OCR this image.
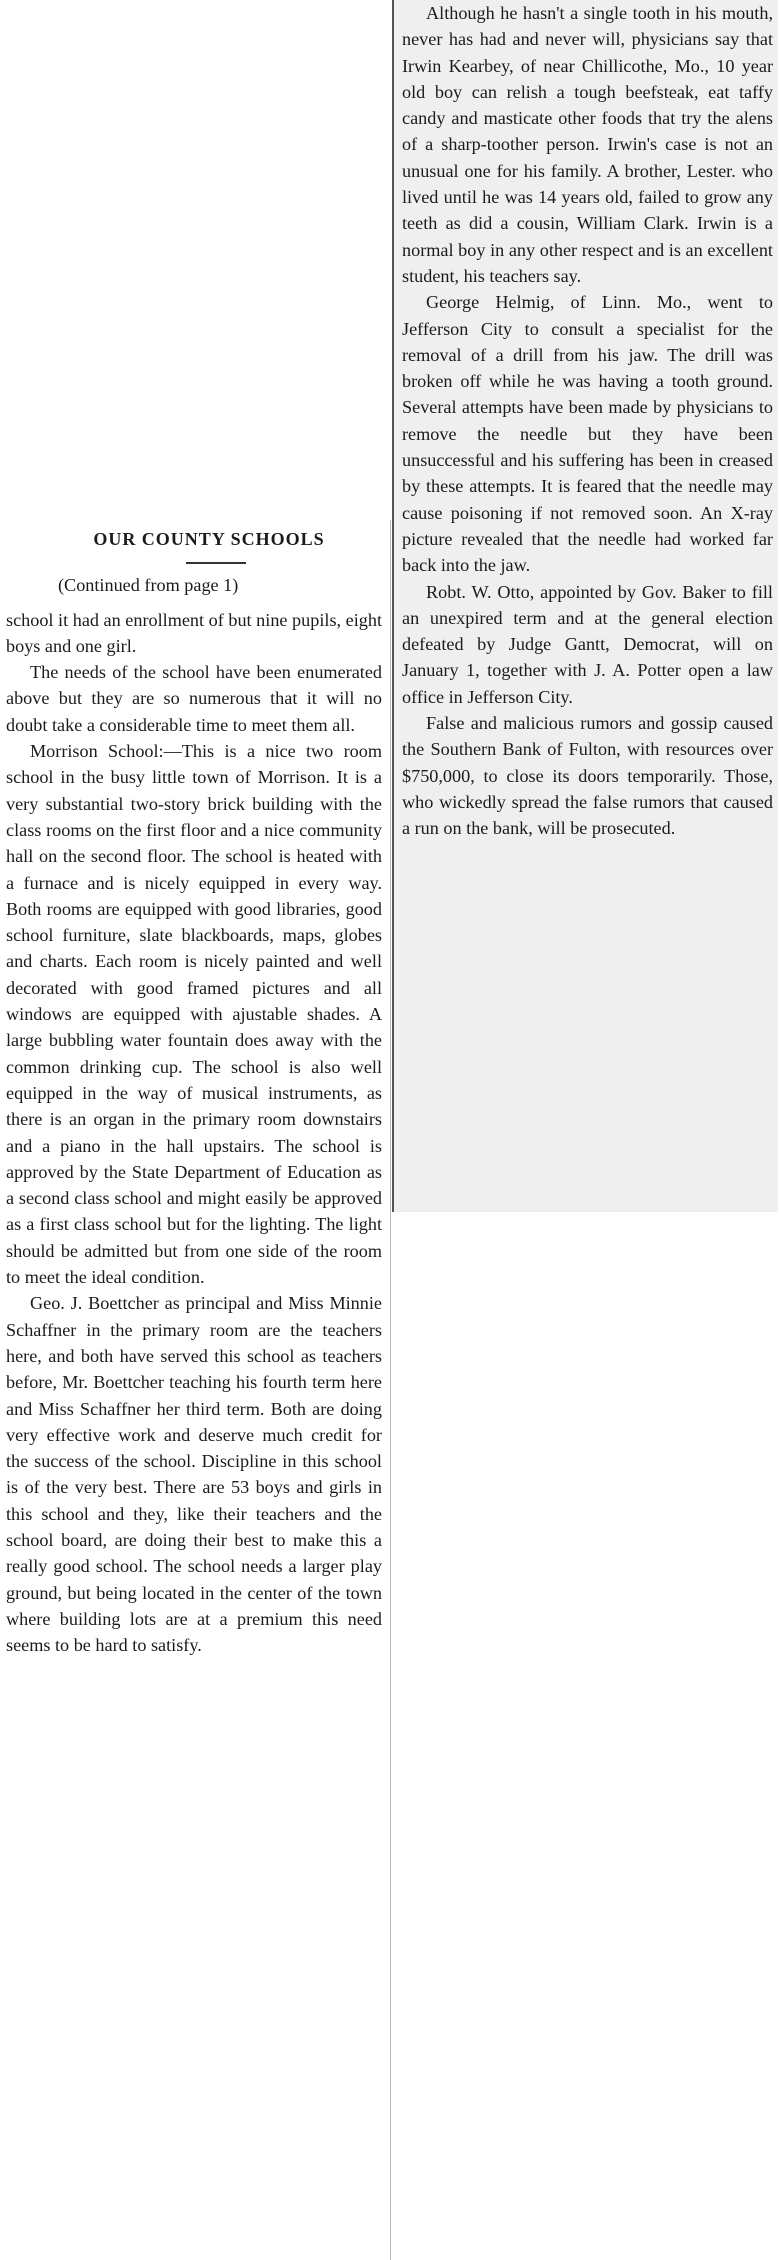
Although he hasn't a single tooth in his mouth, never has had and never will, physicians say that Irwin Kearbey, of near Chillicothe, Mo., 10 year old boy can relish a tough beefsteak, eat taffy candy and masticate other foods that try the alens of a sharp-toother person. Irwin's case is not an unusual one for his family. A brother, Lester. who lived until he was 14 years old, failed to grow any teeth as did a cousin, William Clark. Irwin is a normal boy in any other respect and is an excellent student, his teachers say.

George Helmig, of Linn. Mo., went to Jefferson City to consult a specialist for the removal of a drill from his jaw. The drill was broken off while he was having a tooth ground. Several attempts have been made by physicians to remove the needle but they have been unsuccessful and his suffering has been in creased by these attempts. It is feared that the needle may cause poisoning if not removed soon. An X-ray picture revealed that the needle had worked far back into the jaw.

Robt. W. Otto, appointed by Gov. Baker to fill an unexpired term and at the general election defeated by Judge Gantt, Democrat, will on January 1, together with J. A. Potter open a law office in Jefferson City.

False and malicious rumors and gossip caused the Southern Bank of Fulton, with resources over $750,000, to close its doors temporarily. Those, who wickedly spread the false rumors that caused a run on the bank, will be prosecuted.

OUR COUNTY SCHOOLS

(Continued from page 1)

school it had an enrollment of but nine pupils, eight boys and one girl.

The needs of the school have been enumerated above but they are so numerous that it will no doubt take a considerable time to meet them all.

Morrison School:—This is a nice two room school in the busy little town of Morrison. It is a very substantial two-story brick building with the class rooms on the first floor and a nice community hall on the second floor. The school is heated with a furnace and is nicely equipped in every way. Both rooms are equipped with good libraries, good school furniture, slate blackboards, maps, globes and charts. Each room is nicely painted and well decorated with good framed pictures and all windows are equipped with ajustable shades. A large bubbling water fountain does away with the common drinking cup. The school is also well equipped in the way of musical instruments, as there is an organ in the primary room downstairs and a piano in the hall upstairs. The school is approved by the State Department of Education as a second class school and might easily be approved as a first class school but for the lighting. The light should be admitted but from one side of the room to meet the ideal condition.

Geo. J. Boettcher as principal and Miss Minnie Schaffner in the primary room are the teachers here, and both have served this school as teachers before, Mr. Boettcher teaching his fourth term here and Miss Schaffner her third term. Both are doing very effective work and deserve much credit for the success of the school. Discipline in this school is of the very best. There are 53 boys and girls in this school and they, like their teachers and the school board, are doing their best to make this a really good school. The school needs a larger play ground, but being located in the center of the town where building lots are at a premium this need seems to be hard to satisfy.
